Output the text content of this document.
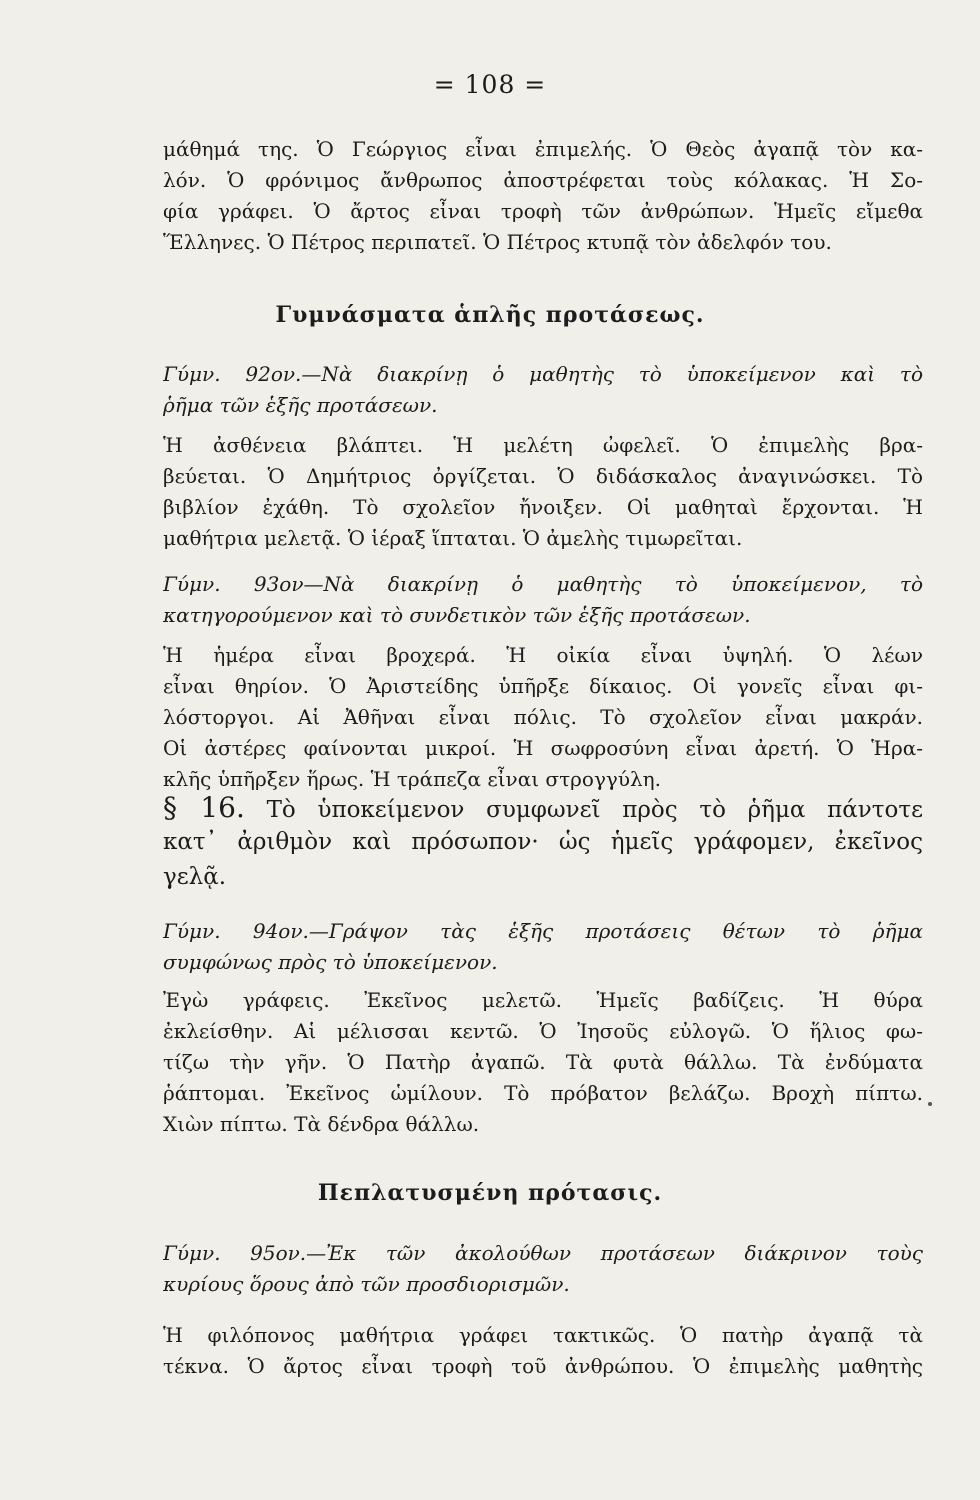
= 108 =
μάθημά της. Ὁ Γεώργιος εἶναι ἐπιμελής. Ὁ Θεὸς ἀγαπᾷ τὸν κα-
λόν. Ὁ φρόνιμος ἄνθρωπος ἀποστρέφεται τοὺς κόλακας. Ἡ Σο-
φία γράφει. Ὁ ἄρτος εἶναι τροφὴ τῶν ἀνθρώπων. Ἡμεῖς εἴμεθα
Ἕλληνες. Ὁ Πέτρος περιπατεῖ. Ὁ Πέτρος κτυπᾷ τὸν ἀδελφόν του.
Γυμνάσματα ἁπλῆς προτάσεως.
Γύμν. 92ον.—Νὰ διακρίνῃ ὁ μαθητὴς τὸ ὑποκείμενον καὶ τὸ
ῥῆμα τῶν ἑξῆς προτάσεων.
Ἡ ἀσθένεια βλάπτει. Ἡ μελέτη ὠφελεῖ. Ὁ ἐπιμελὴς βρα-
βεύεται. Ὁ Δημήτριος ὀργίζεται. Ὁ διδάσκαλος ἀναγινώσκει. Τὸ
βιβλίον ἐχάθη. Τὸ σχολεῖον ἤνοιξεν. Οἱ μαθηταὶ ἔρχονται. Ἡ
μαθήτρια μελετᾷ. Ὁ ἱέραξ ἵπταται. Ὁ ἀμελὴς τιμωρεῖται.
Γύμν. 93ον—Νὰ διακρίνῃ ὁ μαθητὴς τὸ ὑποκείμενον, τὸ
κατηγορούμενον καὶ τὸ συνδετικὸν τῶν ἑξῆς προτάσεων.
Ἡ ἡμέρα εἶναι βροχερά. Ἡ οἰκία εἶναι ὑψηλή. Ὁ λέων
εἶναι θηρίον. Ὁ Ἀριστείδης ὑπῆρξε δίκαιος. Οἱ γονεῖς εἶναι φι-
λόστοργοι. Αἱ Ἀθῆναι εἶναι πόλις. Τὸ σχολεῖον εἶναι μακράν.
Οἱ ἀστέρες φαίνονται μικροί. Ἡ σωφροσύνη εἶναι ἀρετή. Ὁ Ἡρα-
κλῆς ὑπῆρξεν ἥρως. Ἡ τράπεζα εἶναι στρογγύλη.
§ 16. Τὸ ὑποκείμενον συμφωνεῖ πρὸς τὸ ῥῆμα πάντοτε
κατ᾽ ἀριθμὸν καὶ πρόσωπον· ὡς ἡμεῖς γράφομεν, ἐκεῖνος
γελᾷ.
Γύμν. 94ον.—Γράψον τὰς ἑξῆς προτάσεις θέτων τὸ ῥῆμα
συμφώνως πρὸς τὸ ὑποκείμενον.
Ἐγὼ γράφεις. Ἐκεῖνος μελετῶ. Ἡμεῖς βαδίζεις. Ἡ θύρα
ἐκλείσθην. Αἱ μέλισσαι κεντῶ. Ὁ Ἰησοῦς εὐλογῶ. Ὁ ἥλιος φω-
τίζω τὴν γῆν. Ὁ Πατὴρ ἀγαπῶ. Τὰ φυτὰ θάλλω. Τὰ ἐνδύματα
ῥάπτομαι. Ἐκεῖνος ὡμίλουν. Τὸ πρόβατον βελάζω. Βροχὴ πίπτω.
Χιὼν πίπτω. Τὰ δένδρα θάλλω.
Πεπλατυσμένη πρότασις.
Γύμν. 95ον.—Ἐκ τῶν ἀκολούθων προτάσεων διάκρινον τοὺς
κυρίους ὅρους ἀπὸ τῶν προσδιορισμῶν.
Ἡ φιλόπονος μαθήτρια γράφει τακτικῶς. Ὁ πατὴρ ἀγαπᾷ τὰ
τέκνα. Ὁ ἄρτος εἶναι τροφὴ τοῦ ἀνθρώπου. Ὁ ἐπιμελὴς μαθητὴς
